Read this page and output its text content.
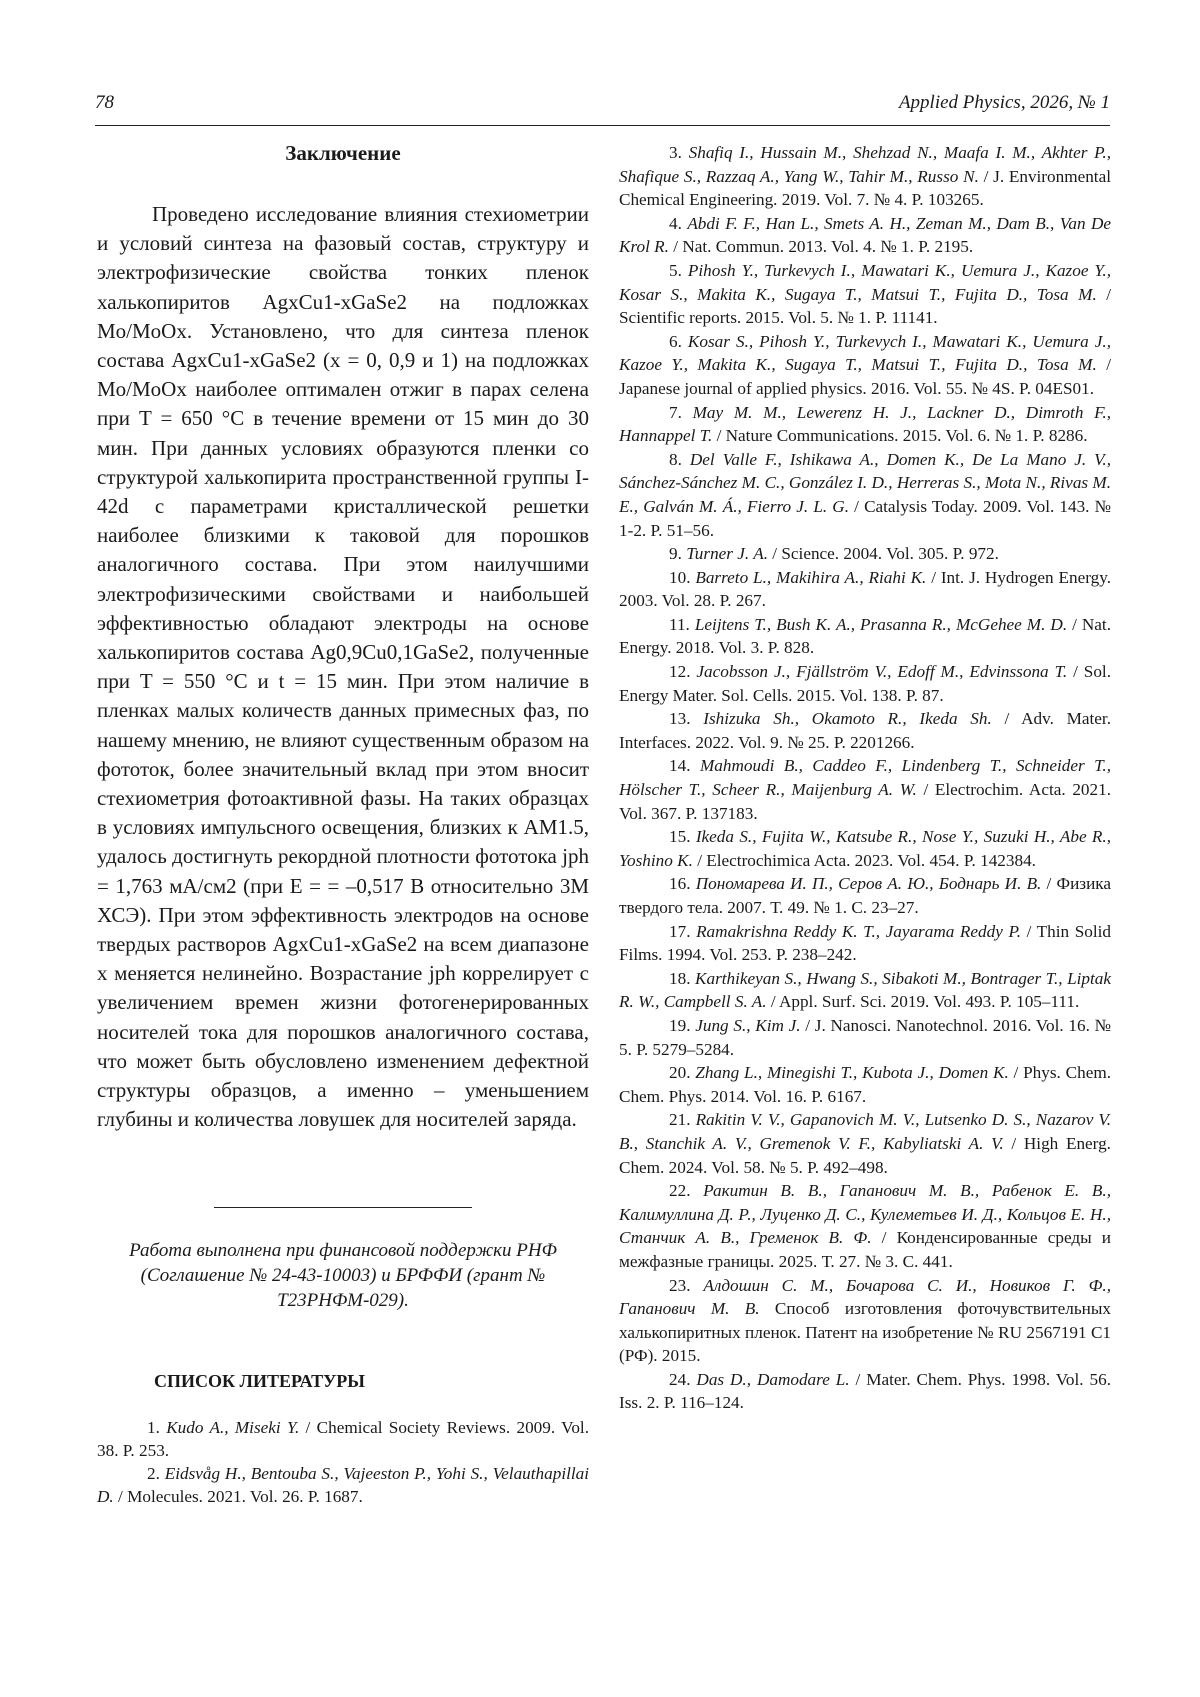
78	Applied Physics, 2026, № 1
Заключение

Проведено исследование влияния стехиометрии и условий синтеза на фазовый состав, структуру и электрофизические свойства тонких пленок халькопиритов AgxCu1-xGaSe2 на подложках Mo/MoOx. Установлено, что для синтеза пленок состава AgxCu1-xGaSe2 (x = 0, 0,9 и 1) на подложках Mo/MoOx наиболее оптимален отжиг в парах селена при T = 650 °С в течение времени от 15 мин до 30 мин. При данных условиях образуются пленки со структурой халькопирита пространственной группы I-42d с параметрами кристаллической решетки наиболее близкими к таковой для порошков аналогичного состава. При этом наилучшими электрофизическими свойствами и наибольшей эффективностью обладают электроды на основе халькопиритов состава Ag0,9Cu0,1GaSe2, полученные при T = 550 °С и t = 15 мин. При этом наличие в пленках малых количеств данных примесных фаз, по нашему мнению, не влияют существенным образом на фототок, более значительный вклад при этом вносит стехиометрия фотоактивной фазы. На таких образцах в условиях импульсного освещения, близких к AM1.5, удалось достигнуть рекордной плотности фототока jph = 1,763 мА/см2 (при E = = –0,517 В относительно 3М ХСЭ). При этом эффективность электродов на основе твердых растворов AgxCu1-xGaSe2 на всем диапазоне x меняется нелинейно. Возрастание jph коррелирует с увеличением времен жизни фотогенерированных носителей тока для порошков аналогичного состава, что может быть обусловлено изменением дефектной структуры образцов, а именно – уменьшением глубины и количества ловушек для носителей заряда.

Работа выполнена при финансовой поддержки РНФ (Соглашение № 24-43-10003) и БРФФИ (грант № Т23РНФМ-029).

СПИСОК ЛИТЕРАТУРЫ

1. Kudo A., Miseki Y. / Chemical Society Reviews. 2009. Vol. 38. P. 253.

2. Eidsvåg H., Bentouba S., Vajeeston P., Yohi S., Velauthapillai D. / Molecules. 2021. Vol. 26. P. 1687.

3. Shafiq I., Hussain M., Shehzad N., Maafa I. M., Akhter P., Shafique S., Razzaq A., Yang W., Tahir M., Russo N. / J. Environmental Chemical Engineering. 2019. Vol. 7. № 4. P. 103265.

4. Abdi F. F., Han L., Smets A. H., Zeman M., Dam B., Van De Krol R. / Nat. Commun. 2013. Vol. 4. № 1. P. 2195.

5. Pihosh Y., Turkevych I., Mawatari K., Uemura J., Kazoe Y., Kosar S., Makita K., Sugaya T., Matsui T., Fujita D., Tosa M. / Scientific reports. 2015. Vol. 5. № 1. P. 11141.

6. Kosar S., Pihosh Y., Turkevych I., Mawatari K., Uemura J., Kazoe Y., Makita K., Sugaya T., Matsui T., Fujita D., Tosa M. / Japanese journal of applied physics. 2016. Vol. 55. № 4S. P. 04ES01.

7. May M. M., Lewerenz H. J., Lackner D., Dimroth F., Hannappel T. / Nature Communications. 2015. Vol. 6. № 1. P. 8286.

8. Del Valle F., Ishikawa A., Domen K., De La Mano J. V., Sánchez-Sánchez M. C., González I. D., Herreras S., Mota N., Rivas M. E., Galván M. Á., Fierro J. L. G. / Catalysis Today. 2009. Vol. 143. № 1-2. P. 51–56.

9. Turner J. A. / Science. 2004. Vol. 305. P. 972.

10. Barreto L., Makihira A., Riahi K. / Int. J. Hydrogen Energy. 2003. Vol. 28. P. 267.

11. Leijtens T., Bush K. A., Prasanna R., McGehee M. D. / Nat. Energy. 2018. Vol. 3. P. 828.

12. Jacobsson J., Fjällström V., Edoff M., Edvinssona T. / Sol. Energy Mater. Sol. Cells. 2015. Vol. 138. P. 87.

13. Ishizuka Sh., Okamoto R., Ikeda Sh. / Adv. Mater. Interfaces. 2022. Vol. 9. № 25. P. 2201266.

14. Mahmoudi B., Caddeo F., Lindenberg T., Schneider T., Hölscher T., Scheer R., Maijenburg A. W. / Electrochim. Acta. 2021. Vol. 367. P. 137183.

15. Ikeda S., Fujita W., Katsube R., Nose Y., Suzuki H., Abe R., Yoshino K. / Electrochimica Acta. 2023. Vol. 454. P. 142384.

16. Пономарева И. П., Серов А. Ю., Боднарь И. В. / Физика твердого тела. 2007. Т. 49. № 1. С. 23–27.

17. Ramakrishna Reddy K. T., Jayarama Reddy P. / Thin Solid Films. 1994. Vol. 253. P. 238–242.

18. Karthikeyan S., Hwang S., Sibakoti M., Bontrager T., Liptak R. W., Campbell S. A. / Appl. Surf. Sci. 2019. Vol. 493. P. 105–111.

19. Jung S., Kim J. / J. Nanosci. Nanotechnol. 2016. Vol. 16. № 5. P. 5279–5284.

20. Zhang L., Minegishi T., Kubota J., Domen K. / Phys. Chem. Chem. Phys. 2014. Vol. 16. P. 6167.

21. Rakitin V. V., Gapanovich M. V., Lutsenko D. S., Nazarov V. B., Stanchik A. V., Gremenok V. F., Kabyliatski A. V. / High Energ. Chem. 2024. Vol. 58. № 5. P. 492–498.

22. Ракитин В. В., Гапанович М. В., Рабенок Е. В., Калимуллина Д. Р., Луценко Д. С., Кулеметьев И. Д., Кольцов Е. Н., Станчик А. В., Гременок В. Ф. / Конденсированные среды и межфазные границы. 2025. Т. 27. № 3. С. 441.

23. Алдошин С. М., Бочарова С. И., Новиков Г. Ф., Гапанович М. В. Способ изготовления фоточувствительных халькопиритных пленок. Патент на изобретение № RU 2567191 C1 (РФ). 2015.

24. Das D., Damodare L. / Mater. Chem. Phys. 1998. Vol. 56. Iss. 2. P. 116–124.
